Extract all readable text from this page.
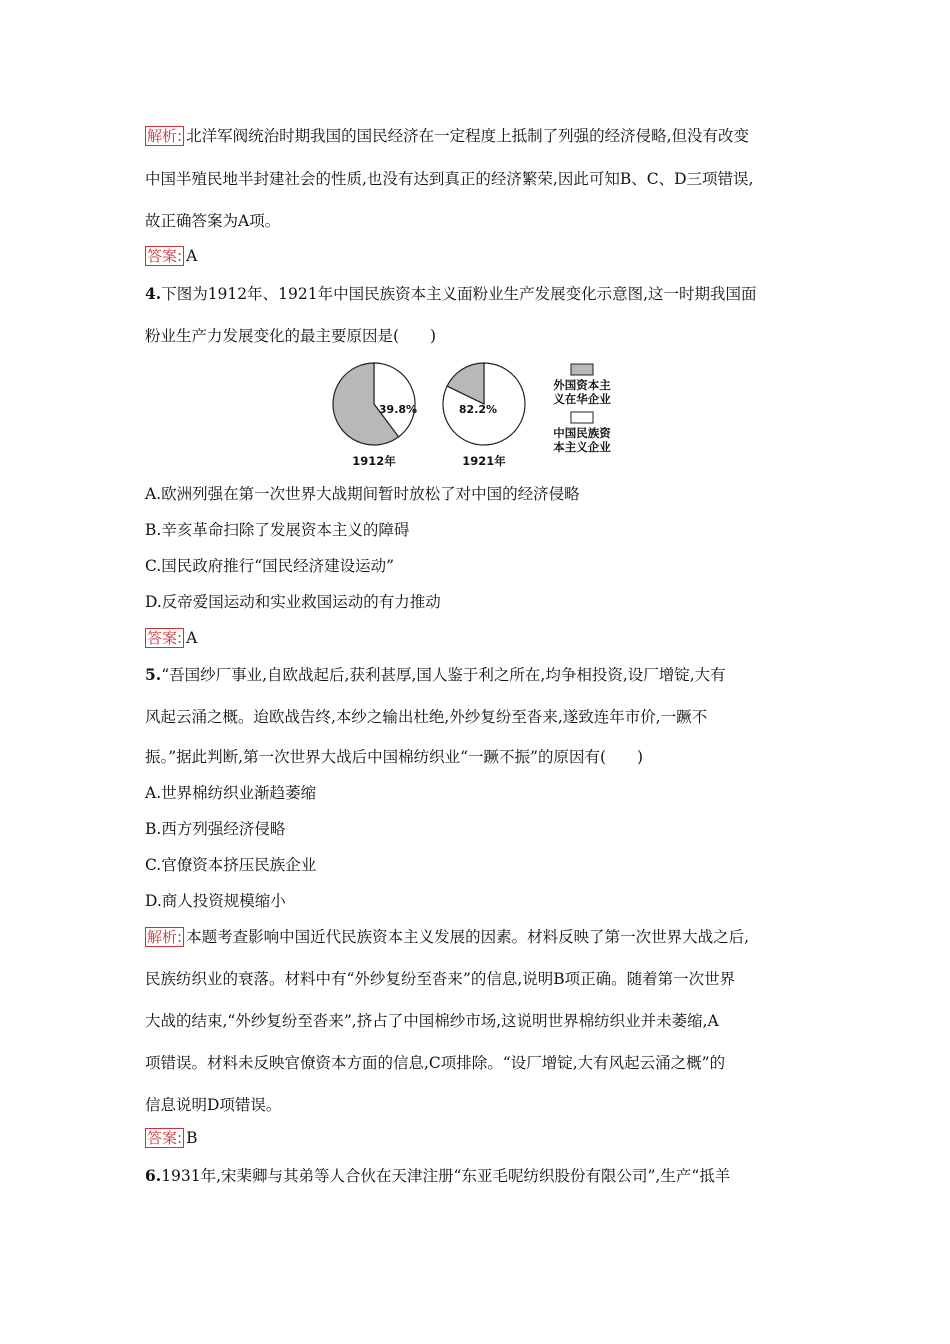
解析: 北洋军阀统治时期我国的国民经济在一定程度上抵制了列强的经济侵略,但没有改变
中国半殖民地半封建社会的性质,也没有达到真正的经济繁荣,因此可知B、C、D三项错误,
故正确答案为A项。
答案: A
4.下图为1912年、1921年中国民族资本主义面粉业生产发展变化示意图,这一时期我国面
粉业生产力发展变化的最主要原因是(　　)
39.8%
1912年
82.2%
1921年
外国资本主
义在华企业
中国民族资
本主义企业
A.欧洲列强在第一次世界大战期间暂时放松了对中国的经济侵略
B.辛亥革命扫除了发展资本主义的障碍
C.国民政府推行“国民经济建设运动”
D.反帝爱国运动和实业救国运动的有力推动
答案: A
5.“吾国纱厂事业,自欧战起后,获利甚厚,国人鉴于利之所在,均争相投资,设厂增锭,大有
风起云涌之概。迨欧战告终,本纱之输出杜绝,外纱复纷至沓来,遂致连年市价,一蹶不
振。”据此判断,第一次世界大战后中国棉纺织业“一蹶不振”的原因有(　　)
A.世界棉纺织业渐趋萎缩
B.西方列强经济侵略
C.官僚资本挤压民族企业
D.商人投资规模缩小
解析: 本题考查影响中国近代民族资本主义发展的因素。材料反映了第一次世界大战之后,
民族纺织业的衰落。材料中有“外纱复纷至沓来”的信息,说明B项正确。随着第一次世界
大战的结束,“外纱复纷至沓来”,挤占了中国棉纱市场,这说明世界棉纺织业并未萎缩,A
项错误。材料未反映官僚资本方面的信息,C项排除。“设厂增锭,大有风起云涌之概”的
信息说明D项错误。
答案: B
6.1931年,宋棐卿与其弟等人合伙在天津注册“东亚毛呢纺织股份有限公司”,生产“抵羊
